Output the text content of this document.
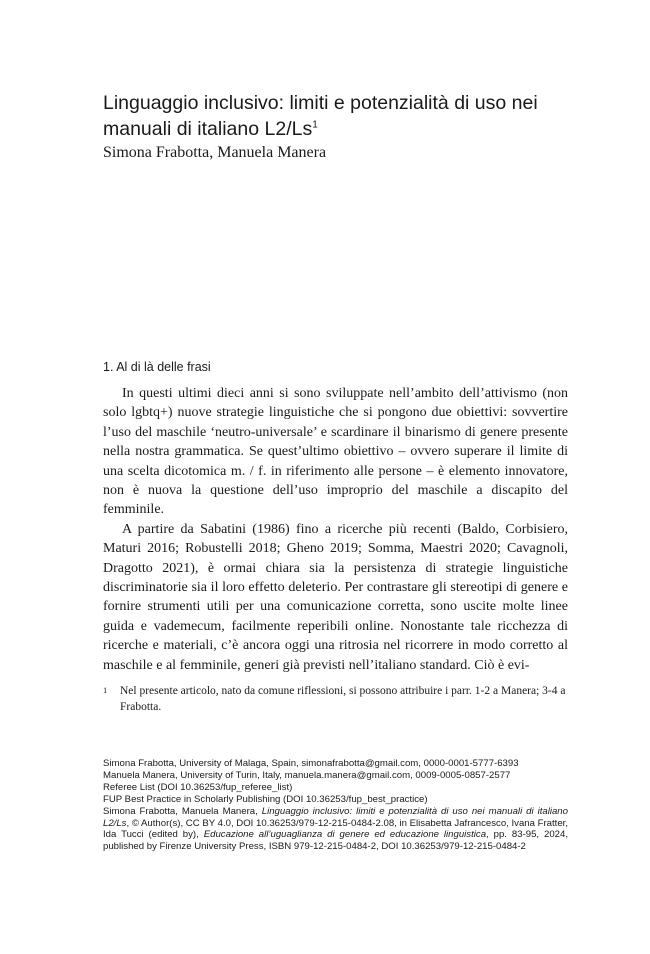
Linguaggio inclusivo: limiti e potenzialità di uso nei manuali di italiano L2/Ls$^1$
Simona Frabotta, Manuela Manera
1. Al di là delle frasi

In questi ultimi dieci anni si sono sviluppate nell’ambito dell’attivismo (non solo lgbtq+) nuove strategie linguistiche che si pongono due obiettivi: sovvertire l’uso del maschile ‘neutro-universale’ e scardinare il binarismo di genere presente nella nostra grammatica. Se quest’ultimo obiettivo – ovvero superare il limite di una scelta dicotomica m. / f. in riferimento alle persone – è elemento innovatore, non è nuova la questione dell’uso improprio del maschile a discapito del femminile.

A partire da Sabatini (1986) fino a ricerche più recenti (Baldo, Corbisiero, Maturi 2016; Robustelli 2018; Gheno 2019; Somma, Maestri 2020; Cavagnoli, Dragotto 2021), è ormai chiara sia la persistenza di strategie linguistiche discriminatorie sia il loro effetto deleterio. Per contrastare gli stereotipi di genere e fornire strumenti utili per una comunicazione corretta, sono uscite molte linee guida e vademecum, facilmente reperibili online. Nonostante tale ricchezza di ricerche e materiali, c’è ancora oggi una ritrosia nel ricorrere in modo corretto al maschile e al femminile, generi già previsti nell’italiano standard. Ciò è evi-

1	Nel presente articolo, nato da comune riflessioni, si possono attribuire i parr. 1-2 a Manera; 3-4 a Frabotta.
Simona Frabotta, University of Malaga, Spain, simonafrabotta@gmail.com, 0000-0001-5777-6393
Manuela Manera, University of Turin, Italy, manuela.manera@gmail.com, 0009-0005-0857-2577
Referee List (DOI 10.36253/fup_referee_list)
FUP Best Practice in Scholarly Publishing (DOI 10.36253/fup_best_practice)
Simona Frabotta, Manuela Manera, Linguaggio inclusivo: limiti e potenzialità di uso nei manuali di italiano L2/Ls, © Author(s), CC BY 4.0, DOI 10.36253/979-12-215-0484-2.08, in Elisabetta Jafrancesco, Ivana Fratter, Ida Tucci (edited by), Educazione all’uguaglianza di genere ed educazione linguistica, pp. 83-95, 2024, published by Firenze University Press, ISBN 979-12-215-0484-2, DOI 10.36253/979-12-215-0484-2
